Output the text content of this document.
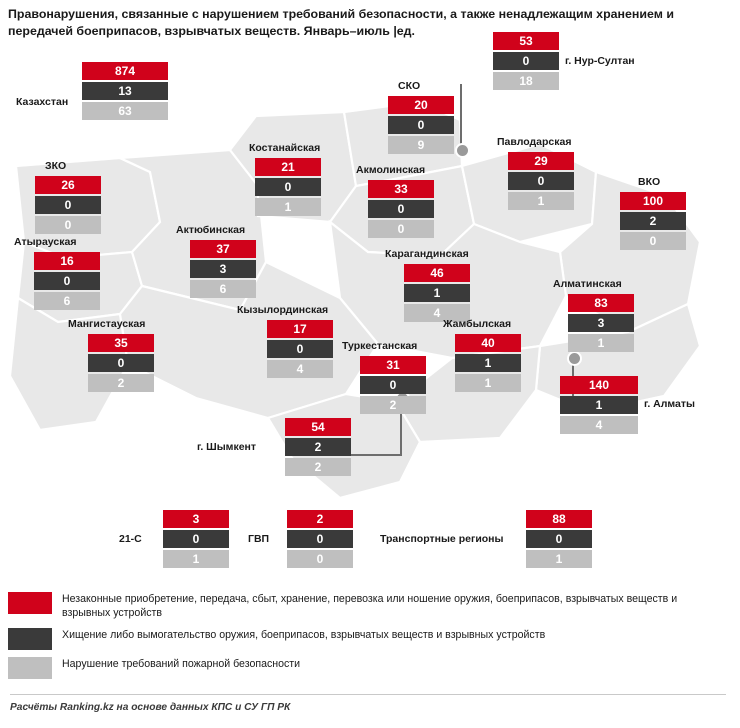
Правонарушения, связанные с нарушением требований безопасности, а также ненадлежащим хранением и передачей боеприпасов, взрывчатых веществ. Январь–июль |ед.
Казахстан
874
13
63
СКО
20
0
9
53
0
18
г. Нур-Султан
Костанайская
21
0
1
Акмолинская
33
0
0
Павлодарская
29
0
1
ЗКО
26
0
0
ВКО
100
2
0
Атырауская
16
0
6
Актюбинская
37
3
6
Карагандинская
46
1
4
Алматинская
83
3
1
Мангистауская
35
0
2
Кызылординская
17
0
4
Жамбылская
40
1
1
Туркестанская
31
0
2
140
1
4
г. Алматы
54
2
2
г. Шымкент
21-С
3
0
1
ГВП
2
0
0
Транспортные регионы
88
0
1
Незаконные приобретение, передача, сбыт, хранение, перевозка или ношение оружия, боеприпасов, взрывчатых веществ и взрывных устройств
Хищение либо вымогательство оружия, боеприпасов, взрывчатых веществ и взрывных устройств
Нарушение требований пожарной безопасности
Расчёты Ranking.kz на основе данных КПС и СУ ГП РК
